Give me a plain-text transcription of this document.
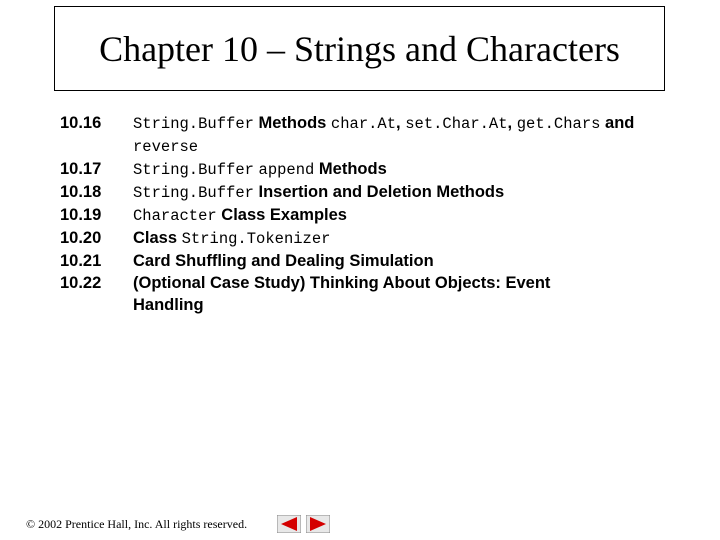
Chapter 10 – Strings and Characters
10.16	String.Buffer Methods char.At, set.Char.At, get.Chars and
reverse
10.17	String.Buffer append Methods
10.18	String.Buffer Insertion and Deletion Methods
10.19	Character Class Examples
10.20	Class String.Tokenizer
10.21	Card Shuffling and Dealing Simulation
10.22	(Optional Case Study) Thinking About Objects: Event
Handling
© 2002 Prentice Hall, Inc. All rights reserved.
